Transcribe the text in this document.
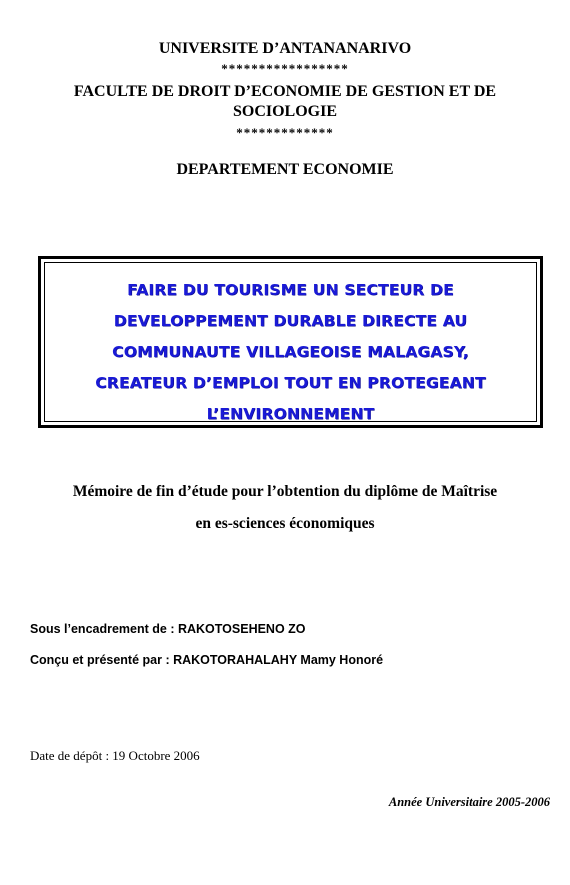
UNIVERSITE D’ANTANANARIVO
*****************
FACULTE DE DROIT D’ECONOMIE DE GESTION ET DE
SOCIOLOGIE
*************
DEPARTEMENT ECONOMIE
FAIRE DU TOURISME UN SECTEUR DE
DEVELOPPEMENT DURABLE DIRECTE AU
COMMUNAUTE VILLAGEOISE MALAGASY,
CREATEUR D’EMPLOI TOUT EN PROTEGEANT
L’ENVIRONNEMENT
Mémoire de fin d’étude pour l’obtention du diplôme de Maîtrise
en es-sciences économiques
Sous l’encadrement de : RAKOTOSEHENO ZO
Conçu et présenté par : RAKOTORAHALAHY Mamy Honoré
Date de dépôt : 19 Octobre 2006
Année Universitaire 2005-2006
